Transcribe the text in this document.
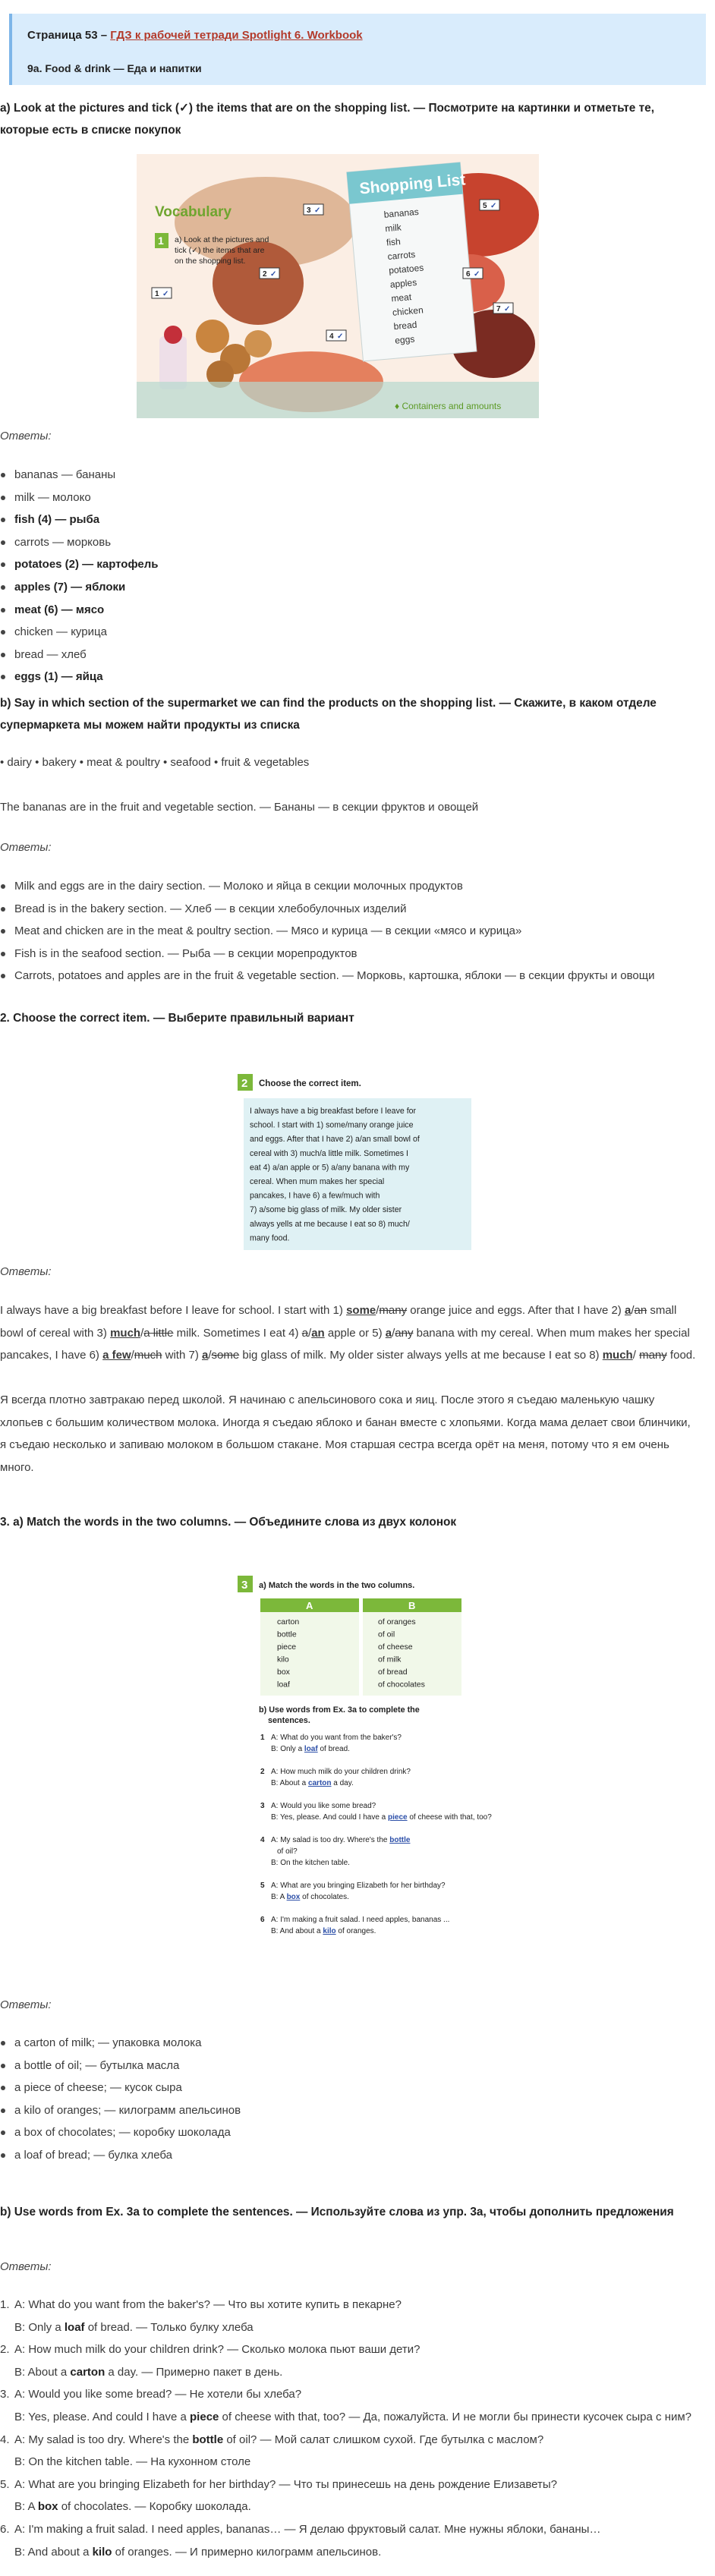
Страница 53 – ГДЗ к рабочей тетради Spotlight 6. Workbook
9a. Food & drink — Еда и напитки
a) Look at the pictures and tick (✓) the items that are on the shopping list. — Посмотрите на картинки и отметьте те, которые есть в списке покупок
Vocabulary
1 a) Look at the pictures and
tick (✓) the items that are
on the shopping list.
Shopping List
bananas
milk
fish
carrots
potatoes
apples
meat
chicken
bread
eggs
3 ✓
2 ✓
1 ✓
4 ✓
5 ✓
6 ✓
7 ✓
♦ Containers and amounts
Ответы:
bananas — бананы
milk — молоко
fish (4) — рыба
carrots — морковь
potatoes (2) — картофель
apples (7) — яблоки
meat (6) — мясо
chicken — курица
bread — хлеб
eggs (1) — яйца
b) Say in which section of the supermarket we can find the products on the shopping list. — Скажите, в каком отделе супермаркета мы можем найти продукты из списка
• dairy • bakery • meat & poultry • seafood • fruit & vegetables
The bananas are in the fruit and vegetable section. — Бананы — в секции фруктов и овощей
Ответы:
Milk and eggs are in the dairy section. — Молоко и яйца в секции молочных продуктов
Bread is in the bakery section. — Хлеб — в секции хлебобулочных изделий
Meat and chicken are in the meat & poultry section. — Мясо и курица — в секции «мясо и курица»
Fish is in the seafood section. — Рыба — в секции морепродуктов
Carrots, potatoes and apples are in the fruit & vegetable section. — Морковь, картошка, яблоки — в секции фрукты и овощи
2. Choose the correct item. — Выберите правильный вариант
2 Choose the correct item.
I always have a big breakfast before I leave for
school. I start with 1) some/many orange juice
and eggs. After that I have 2) a/an small bowl of
cereal with 3) much/a little milk. Sometimes I
eat 4) a/an apple or 5) a/any banana with my
cereal. When mum makes her special
pancakes, I have 6) a few/much with
7) a/some big glass of milk. My older sister
always yells at me because I eat so 8) much/
many food.
Ответы:
I always have a big breakfast before I leave for school. I start with 1) some/many orange juice and eggs. After that I have 2) a/an small bowl of cereal with 3) much/a little milk. Sometimes I eat 4) a/an apple or 5) a/any banana with my cereal. When mum makes her special pancakes, I have 6) a few/much with 7) a/some big glass of milk. My older sister always yells at me because I eat so 8) much/ many food.
Я всегда плотно завтракаю перед школой. Я начинаю с апельсинового сока и яиц. После этого я съедаю маленькую чашку хлопьев с большим количеством молока. Иногда я съедаю яблоко и банан вместе с хлопьями. Когда мама делает свои блинчики, я съедаю несколько и запиваю молоком в большом стакане. Моя старшая сестра всегда орёт на меня, потому что я ем очень много.
3. a) Match the words in the two columns. — Объедините слова из двух колонок
3 a) Match the words in the two columns.
A	B
carton
bottle
piece
kilo
box
loaf
of oranges
of oil
of cheese
of milk
of bread
of chocolates
b) Use words from Ex. 3a to complete the
sentences.
1 A: What do you want from the baker's?
B: Only a loaf of bread.
2 A: How much milk do your children drink?
B: About a carton a day.
3 A: Would you like some bread?
B: Yes, please. And could I have a piece of cheese with that, too?
4 A: My salad is too dry. Where's the bottle
of oil?
B: On the kitchen table.
5 A: What are you bringing Elizabeth for her birthday?
B: A box of chocolates.
6 A: I'm making a fruit salad. I need apples, bananas ...
B: And about a kilo of oranges.
Ответы:
a carton of milk; — упаковка молока
a bottle of oil; — бутылка масла
a piece of cheese; — кусок сыра
a kilo of oranges; — килограмм апельсинов
a box of chocolates; — коробку шоколада
a loaf of bread; — булка хлеба
b) Use words from Ex. 3a to complete the sentences. — Используйте слова из упр. 3а, чтобы дополнить предложения
Ответы:
1. A: What do you want from the baker's? — Что вы хотите купить в пекарне?
B: Only a loaf of bread. — Только булку хлеба
2. A: How much milk do your children drink? — Сколько молока пьют ваши дети?
B: About a carton a day. — Примерно пакет в день.
3. A: Would you like some bread? — Не хотели бы хлеба?
B: Yes, please. And could I have a piece of cheese with that, too? — Да, пожалуйста. И не могли бы принести кусочек сыра с ним?
4. A: My salad is too dry. Where's the bottle of oil? — Мой салат слишком сухой. Где бутылка с маслом?
B: On the kitchen table. — На кухонном столе
5. A: What are you bringing Elizabeth for her birthday? — Что ты принесешь на день рождение Елизаветы?
B: A box of chocolates. — Коробку шоколада.
6. A: I'm making a fruit salad. I need apples, bananas… — Я делаю фруктовый салат. Мне нужны яблоки, бананы…
B: And about a kilo of oranges. — И примерно килограмм апельсинов.
